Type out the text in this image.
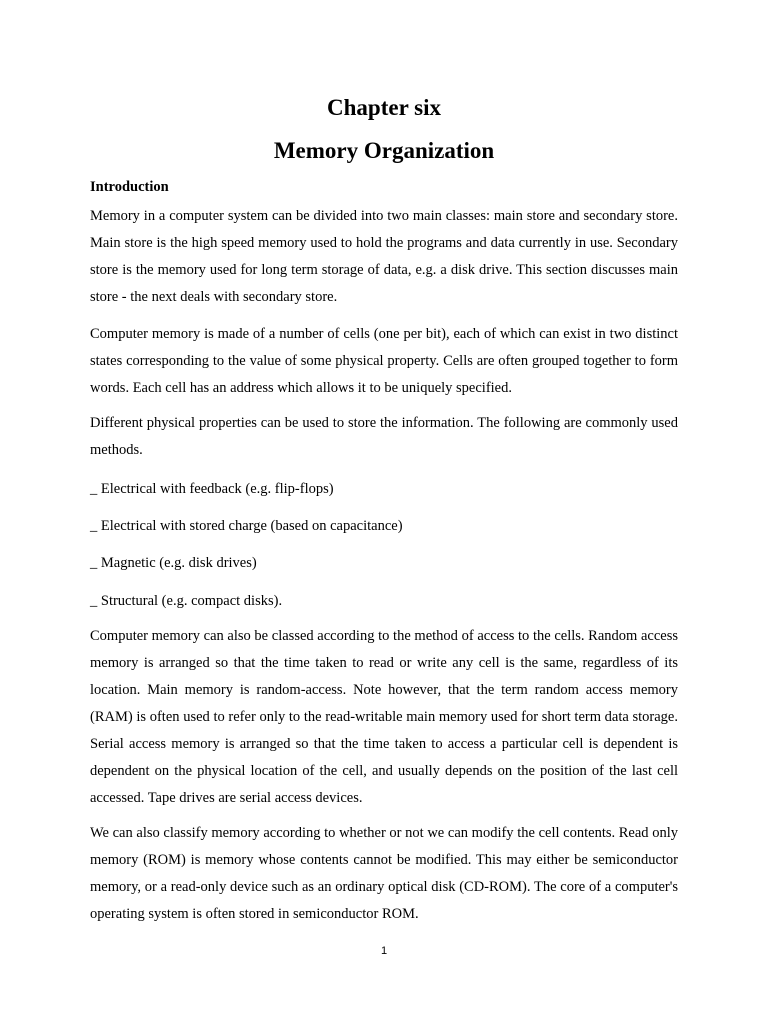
Chapter six
Memory Organization
Introduction

Memory in a computer system can be divided into two main classes: main store and secondary store. Main store is the high speed memory used to hold the programs and data currently in use. Secondary store is the memory used for long term storage of data, e.g. a disk drive. This section discusses main store - the next deals with secondary store.

Computer memory is made of a number of cells (one per bit), each of which can exist in two distinct states corresponding to the value of some physical property. Cells are often grouped together to form words. Each cell has an address which allows it to be uniquely specified.

Different physical properties can be used to store the information. The following are commonly used methods.

_ Electrical with feedback (e.g. flip-flops)

_ Electrical with stored charge (based on capacitance)

_ Magnetic (e.g. disk drives)

_ Structural (e.g. compact disks).

Computer memory can also be classed according to the method of access to the cells. Random access memory is arranged so that the time taken to read or write any cell is the same, regardless of its location. Main memory is random-access. Note however, that the term random access memory (RAM) is often used to refer only to the read-writable main memory used for short term data storage. Serial access memory is arranged so that the time taken to access a particular cell is dependent is dependent on the physical location of the cell, and usually depends on the position of the last cell accessed. Tape drives are serial access devices.

We can also classify memory according to whether or not we can modify the cell contents. Read only memory (ROM) is memory whose contents cannot be modified. This may either be semiconductor memory, or a read-only device such as an ordinary optical disk (CD-ROM). The core of a computer's operating system is often stored in semiconductor ROM.

1
